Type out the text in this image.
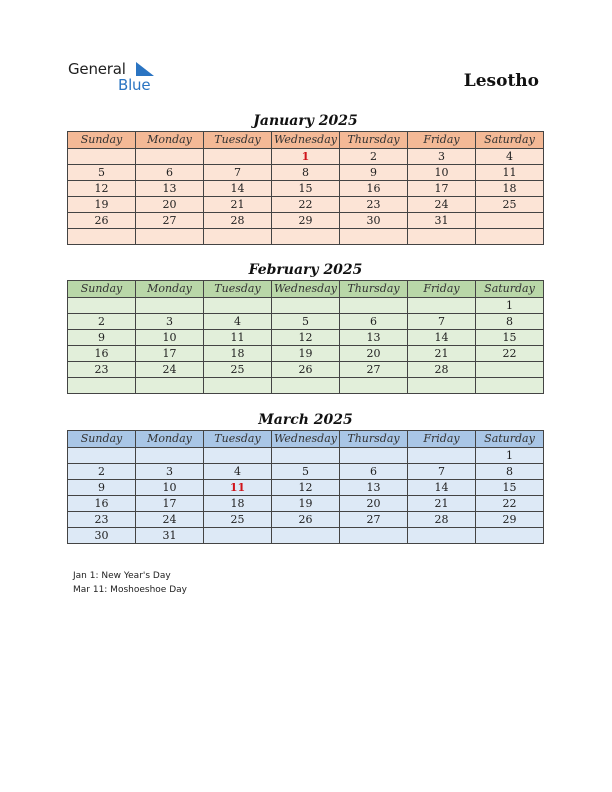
General
Blue	Lesotho
January 2025
Sunday	Monday	Tuesday	Wednesday	Thursday	Friday	Saturday
			1	2	3	4
5	6	7	8	9	10	11
12	13	14	15	16	17	18
19	20	21	22	23	24	25
26	27	28	29	30	31	

February 2025
Sunday	Monday	Tuesday	Wednesday	Thursday	Friday	Saturday
						1
2	3	4	5	6	7	8
9	10	11	12	13	14	15
16	17	18	19	20	21	22
23	24	25	26	27	28	

March 2025
Sunday	Monday	Tuesday	Wednesday	Thursday	Friday	Saturday
						1
2	3	4	5	6	7	8
9	10	11	12	13	14	15
16	17	18	19	20	21	22
23	24	25	26	27	28	29
30	31					
Jan 1: New Year's Day
Mar 11: Moshoeshoe Day
